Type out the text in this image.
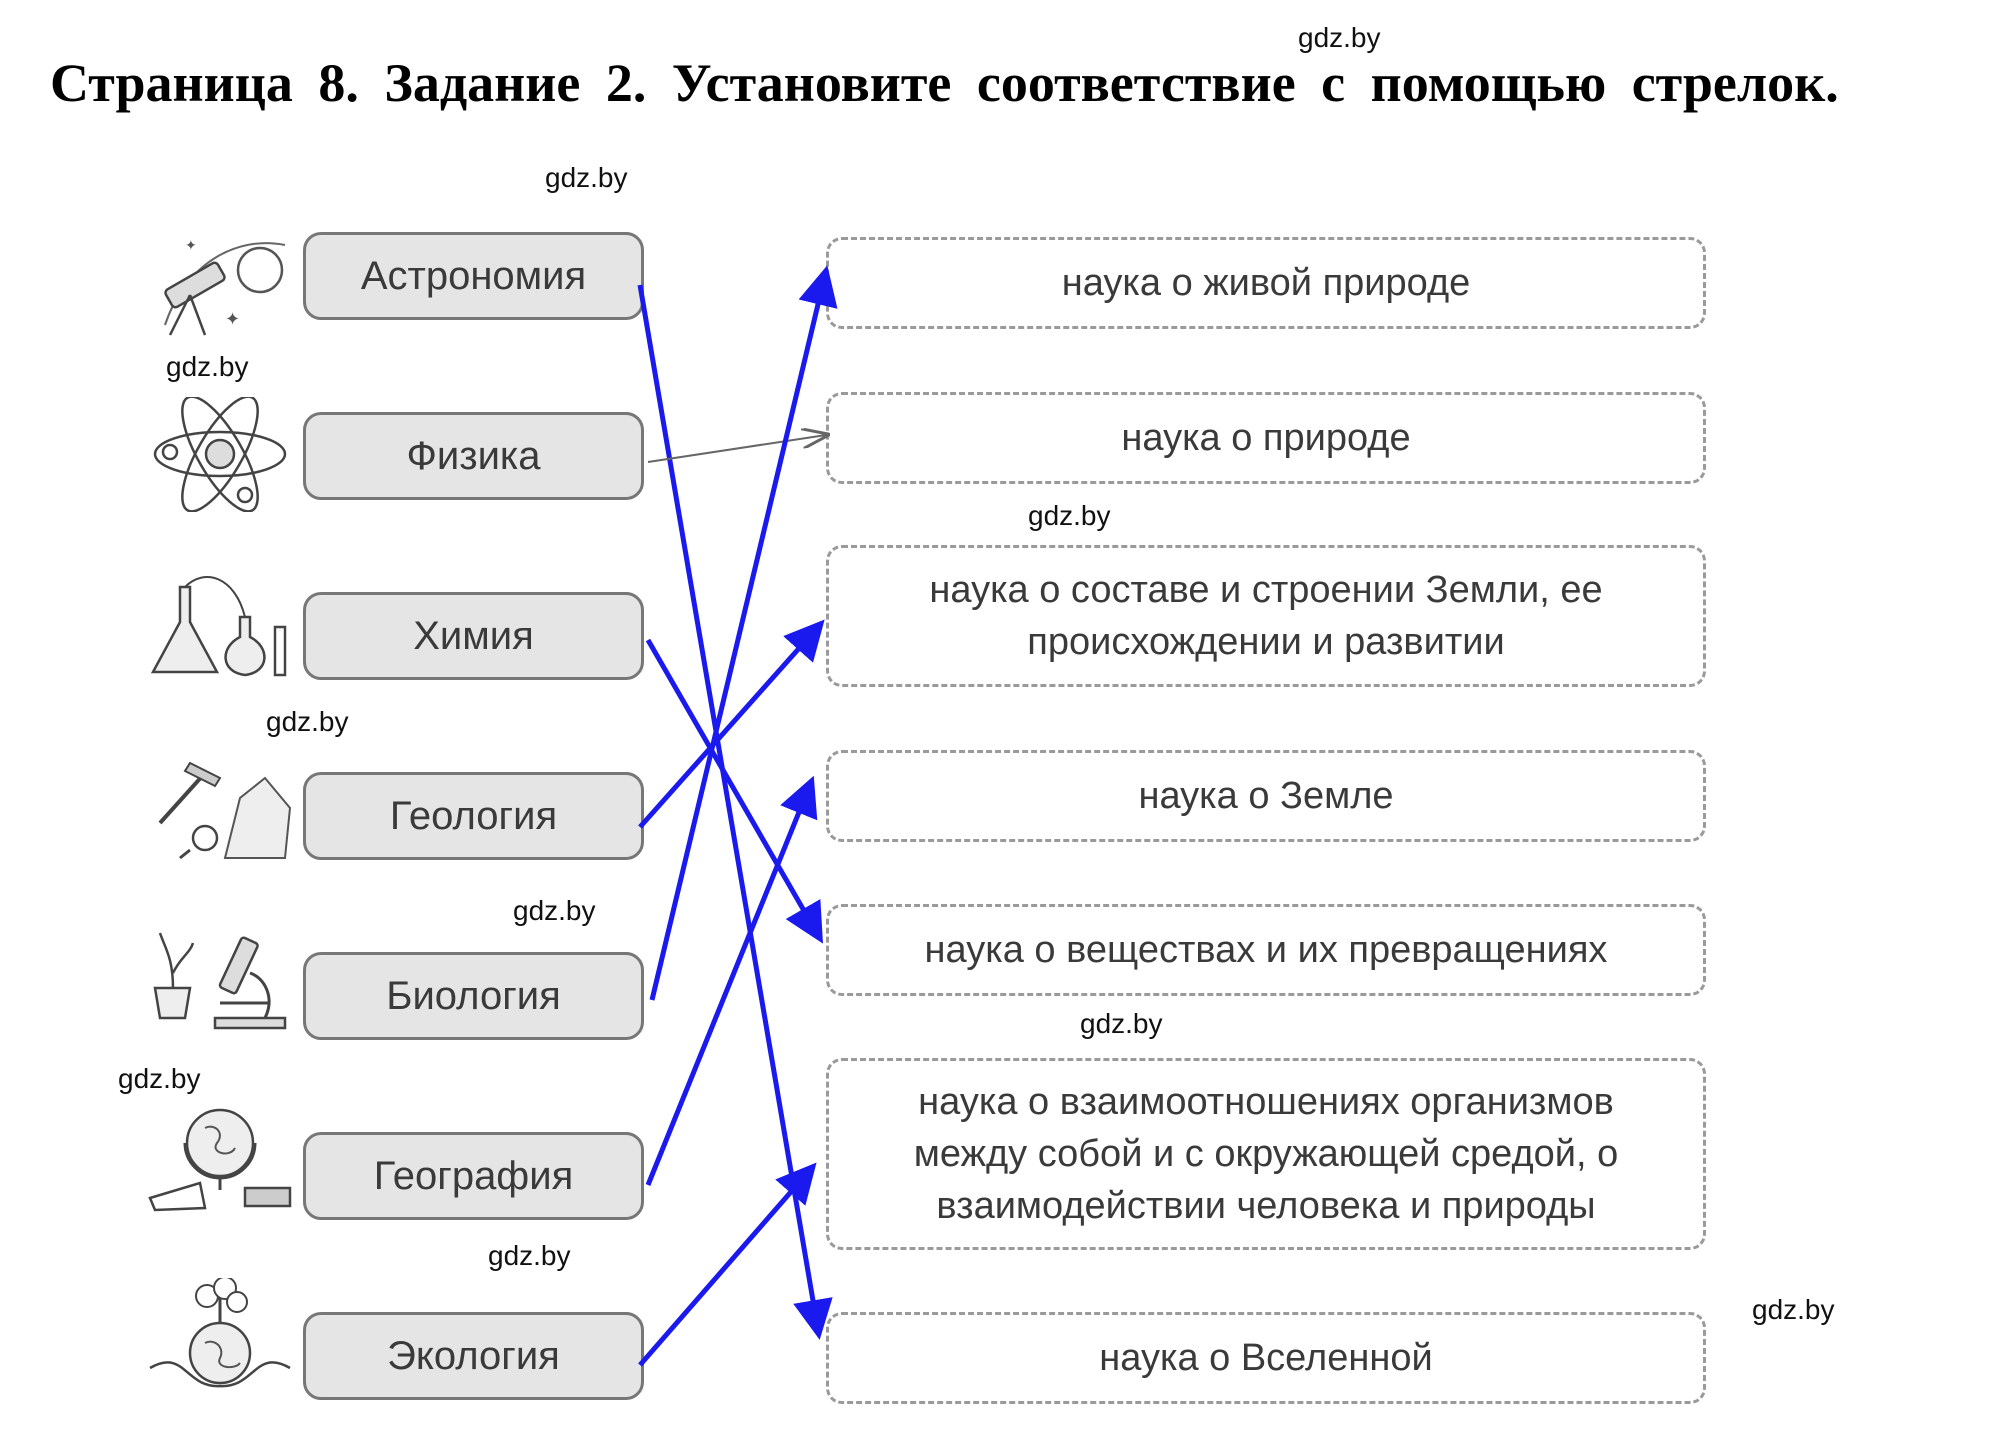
Страница 8. Задание 2. Установите соответствие с помощью стрелок.
gdz.by
gdz.by
gdz.by
gdz.by
gdz.by
gdz.by
gdz.by
gdz.by
gdz.by
gdz.by
✦
✦
Астрономия
Физика
Химия
Геология
Биология
География
Экология
наука о живой природе
наука о природе
наука о составе и строении Земли, ее происхождении и развитии
наука о Земле
наука о веществах и их превращениях
наука о взаимоотношениях организмов между собой и с окружающей средой, о взаимодействии человека и природы
наука о Вселенной
